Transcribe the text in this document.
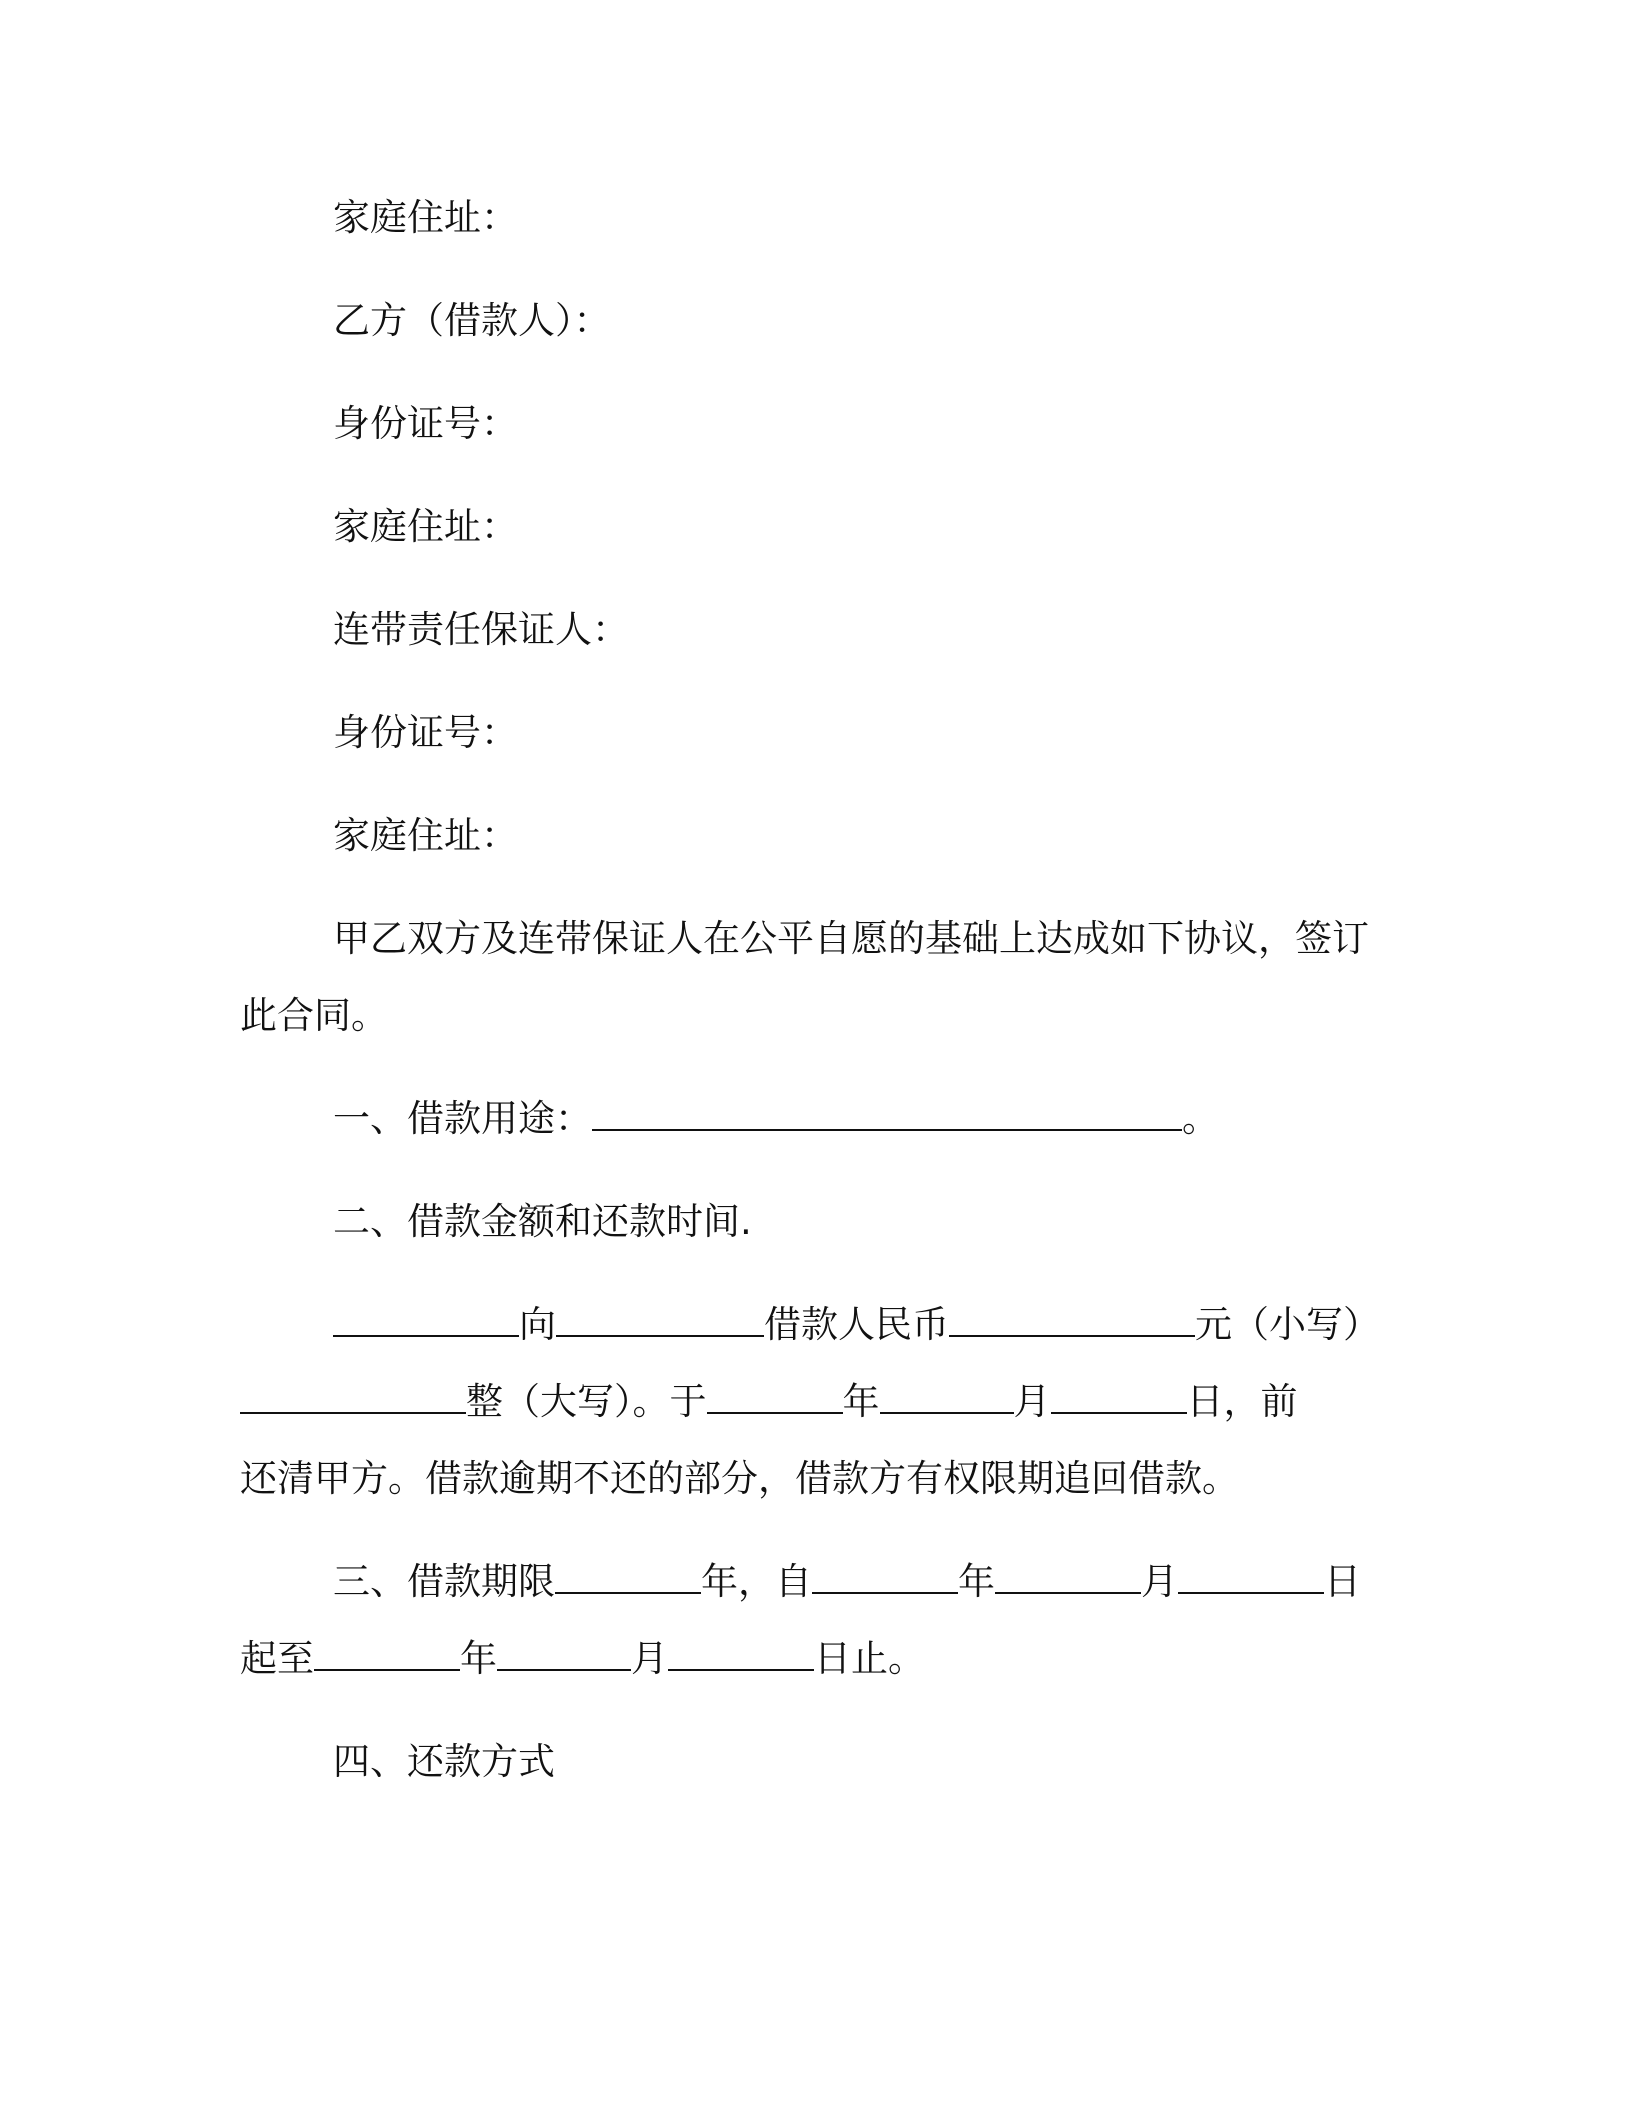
家庭住址：
乙方（借款人）：
身份证号：
家庭住址：
连带责任保证人：
身份证号：
家庭住址：
甲乙双方及连带保证人在公平自愿的基础上达成如下协议，签订
此合同。
一、借款用途：	。
二、借款金额和还款时间.
向	借款人民币	元（小写）
整（大写）。于	年	月	日，前
还清甲方。借款逾期不还的部分，借款方有权限期追回借款。
三、借款期限	年，自	年	月	日
起至	年	月	日止。
四、还款方式
